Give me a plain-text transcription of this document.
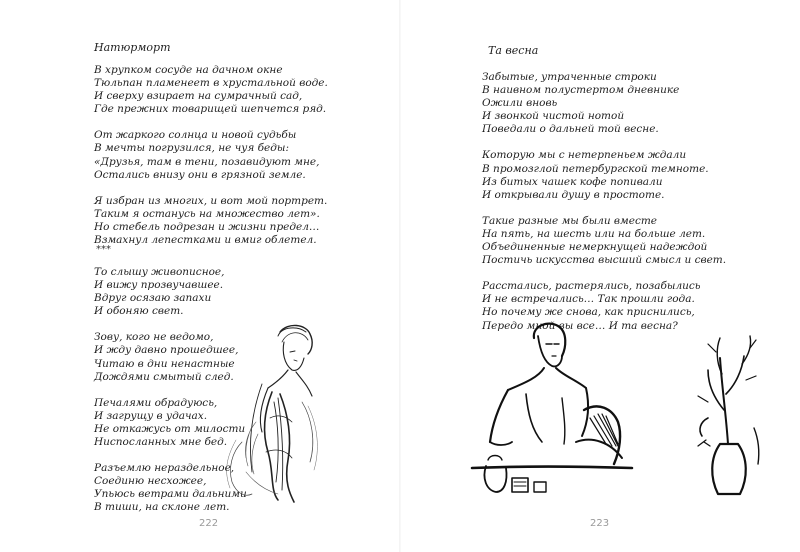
Натюрморт
В хрупком сосуде на дачном окне
Тюльпан пламенеет в хрустальной воде.
И сверху взирает на сумрачный сад,
Где прежних товарищей шепчется ряд.
От жаркого солнца и новой судьбы
В мечты погрузился, не чуя беды:
«Друзья, там в тени, позавидуют мне,
Остались внизу они в грязной земле.
Я избран из многих, и вот мой портрет.
Таким я останусь на множество лет».
Но стебель подрезан и жизни предел…
Взмахнул лепестками и вмиг облетел.
***
То слышу живописное,
И вижу прозвучавшее.
Вдруг осязаю запахи
И обоняю свет.
Зову, кого не ведомо,
И жду давно прошедшее,
Читаю в дни ненастные
Дождями смытый след.
Печалями обрадуюсь,
И загрущу в удачах.
Не откажусь от милости
Ниспосланных мне бед.
Разъемлю нераздельное,
Соединю несхожее,
Упьюсь ветрами дальними
В тиши, на склоне лет.
222
Та весна
Забытые, утраченные строки
В наивном полустертом дневнике
Ожили вновь
И звонкой чистой нотой
Поведали о дальней той весне.
Которую мы с нетерпеньем ждали
В промозглой петербургской темноте.
Из битых чашек кофе попивали
И открывали душу в простоте.
Такие разные мы были вместе
На пять, на шесть или на больше лет.
Объединенные немеркнущей надеждой
Постичь искусства высший смысл и свет.
Расстались, растерялись, позабылись
И не встречались… Так прошли года.
Но почему же снова, как приснились,
Передо мной вы все… И та весна?
223
